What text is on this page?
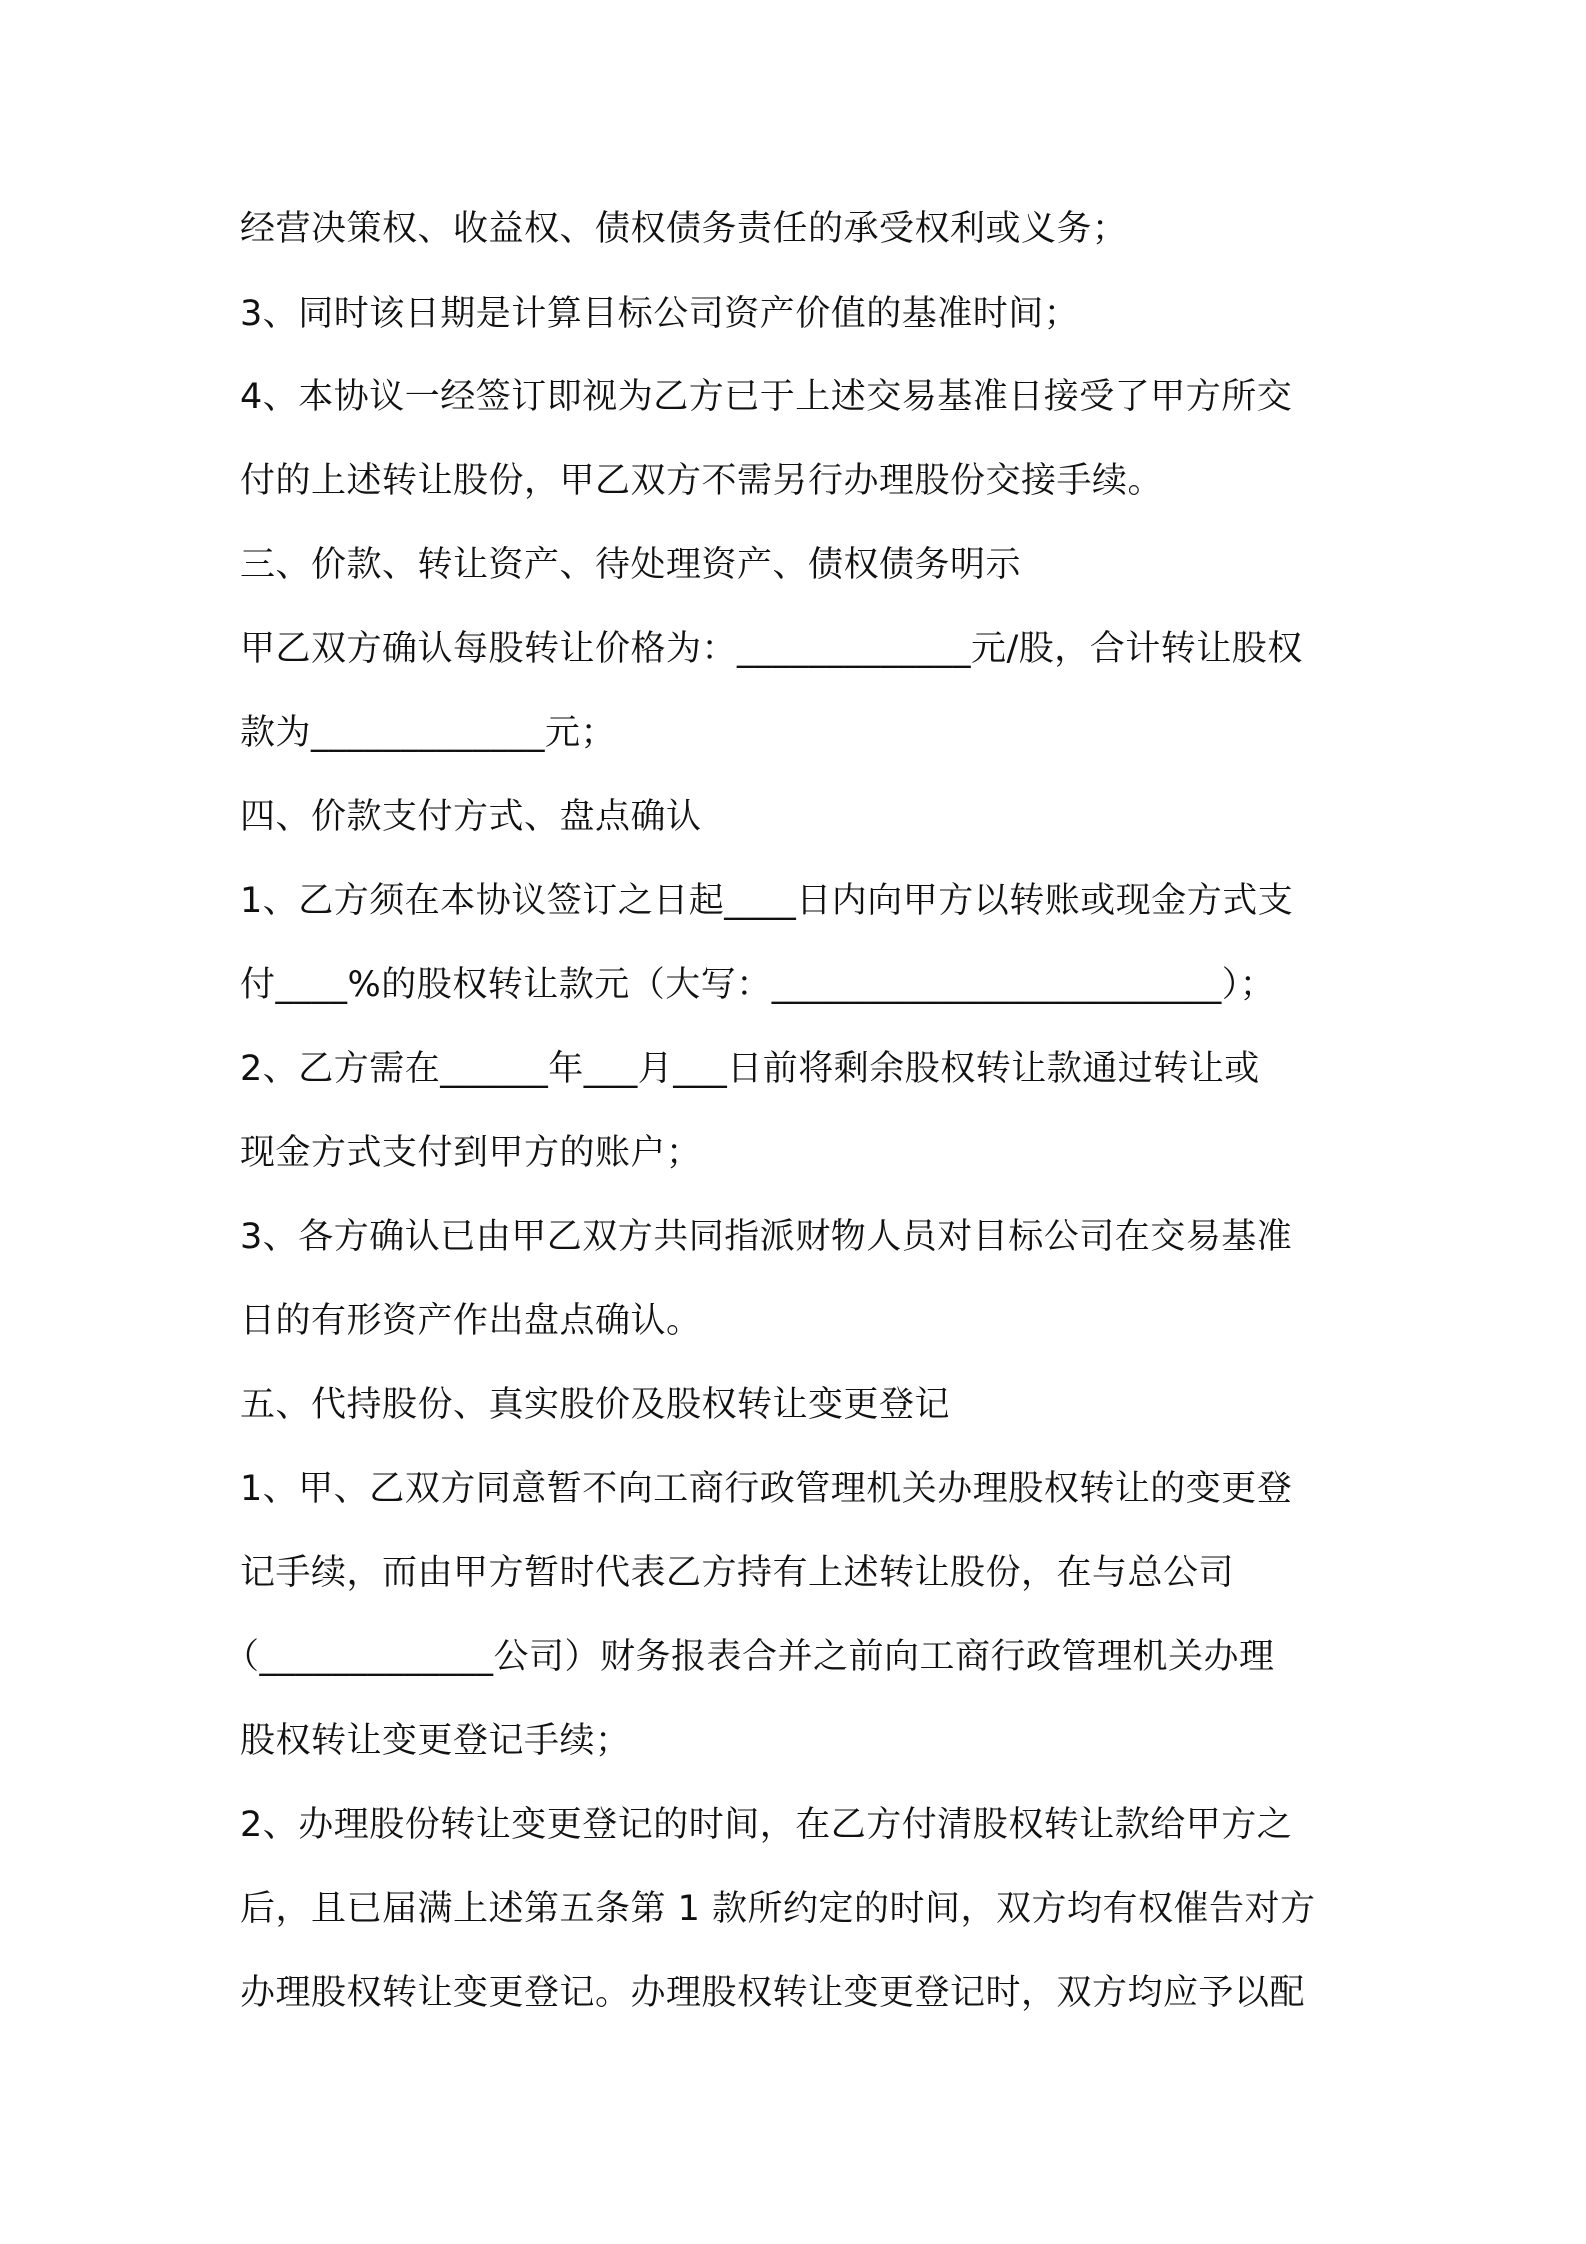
经营决策权、收益权、债权债务责任的承受权利或义务；
3、同时该日期是计算目标公司资产价值的基准时间；
4、本协议一经签订即视为乙方已于上述交易基准日接受了甲方所交
付的上述转让股份，甲乙双方不需另行办理股份交接手续。
三、价款、转让资产、待处理资产、债权债务明示
甲乙双方确认每股转让价格为：_____________元/股，合计转让股权
款为_____________元；
四、价款支付方式、盘点确认
1、乙方须在本协议签订之日起____日内向甲方以转账或现金方式支
付____%的股权转让款元（大写：_________________________）；
2、乙方需在______年___月___日前将剩余股权转让款通过转让或
现金方式支付到甲方的账户；
3、各方确认已由甲乙双方共同指派财物人员对目标公司在交易基准
日的有形资产作出盘点确认。
五、代持股份、真实股价及股权转让变更登记
1、甲、乙双方同意暂不向工商行政管理机关办理股权转让的变更登
记手续，而由甲方暂时代表乙方持有上述转让股份，在与总公司
（_____________公司）财务报表合并之前向工商行政管理机关办理
股权转让变更登记手续；
2、办理股份转让变更登记的时间，在乙方付清股权转让款给甲方之
后，且已届满上述第五条第 1 款所约定的时间，双方均有权催告对方
办理股权转让变更登记。办理股权转让变更登记时，双方均应予以配
